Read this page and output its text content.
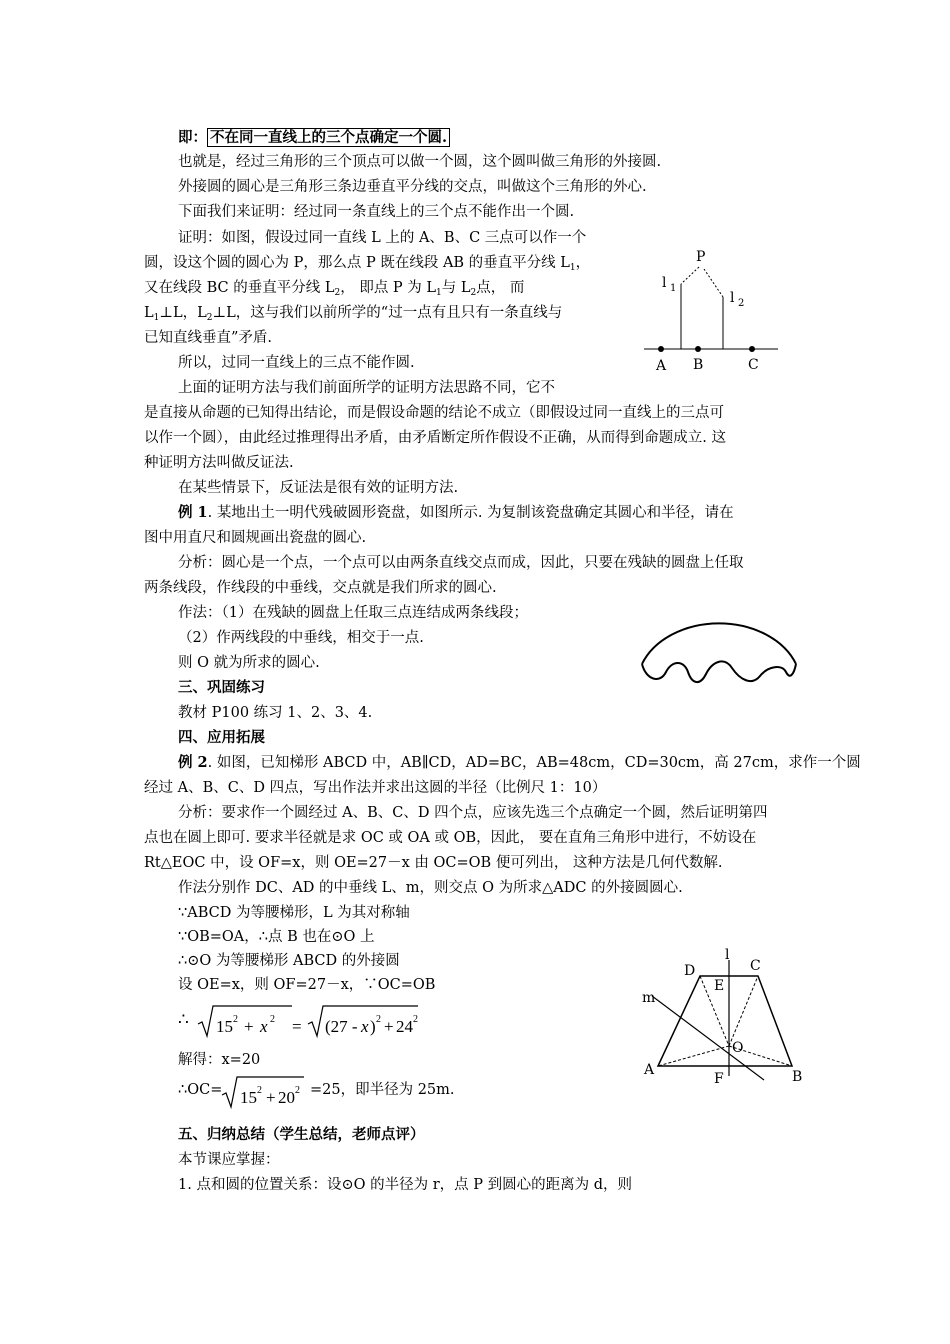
即： 不在同一直线上的三个点确定一个圆.
也就是，经过三角形的三个顶点可以做一个圆，这个圆叫做三角形的外接圆.
外接圆的圆心是三角形三条边垂直平分线的交点，叫做这个三角形的外心.
下面我们来证明：经过同一条直线上的三个点不能作出一个圆.
证明：如图，假设过同一直线 L 上的 A、B、C 三点可以作一个
圆，设这个圆的圆心为 P，那么点 P 既在线段 AB 的垂直平分线 $L_1$，
又在线段 BC 的垂直平分线 $L_2$， 即点 P 为 $L_1$与 $L_2$点， 而
$L_1\perp L$，$L_2\perp L$，这与我们以前所学的“过一点有且只有一条直线与
已知直线垂直”矛盾.
所以，过同一直线上的三点不能作圆.
P
l 1
l 2
A B	C
上面的证明方法与我们前面所学的证明方法思路不同，它不
是直接从命题的已知得出结论，而是假设命题的结论不成立（即假设过同一直线上的三点可
以作一个圆），由此经过推理得出矛盾，由矛盾断定所作假设不正确，从而得到命题成立. 这
种证明方法叫做反证法.
在某些情景下，反证法是很有效的证明方法.
例 1. 某地出土一明代残破圆形瓷盘，如图所示. 为复制该瓷盘确定其圆心和半径，请在
图中用直尺和圆规画出瓷盘的圆心.
分析：圆心是一个点，一个点可以由两条直线交点而成，因此，只要在残缺的圆盘上任取
两条线段，作线段的中垂线，交点就是我们所求的圆心.
作法：（1）在残缺的圆盘上任取三点连结成两条线段；
（2）作两线段的中垂线，相交于一点.
则 O 就为所求的圆心.
三、巩固练习
教材 P100 练习 1、2、3、4.
四、应用拓展
例 2. 如图，已知梯形 ABCD 中，AB∥CD，AD=BC，AB=48cm，CD=30cm，高 27cm，求作一个圆
经过 A、B、C、D 四点，写出作法并求出这圆的半径（比例尺 1：10）
分析：要求作一个圆经过 A、B、C、D 四个点，应该先选三个点确定一个圆，然后证明第四
点也在圆上即可. 要求半径就是求 OC 或 OA 或 OB，因此， 要在直角三角形中进行，不妨设在
Rt△EOC 中，设 OF=x，则 OE=27－x 由 OC=OB 便可列出， 这种方法是几何代数解.
作法分别作 DC、AD 的中垂线 L、m，则交点 O 为所求△ADC 的外接圆圆心.
∵ABCD 为等腰梯形，L 为其对称轴
∵OB=OA，∴点 B 也在⊙O 上
∴⊙O 为等腰梯形 ABCD 的外接圆
设 OE=x，则 OF=27－x，∵OC=OB
∴ 15 2 + x 2 = (27 - x ) 2 + 24 2
解得：x=20
∴OC= 15 2 + 20 2 =25，即半径为 25m.
l
C
D
E
m
O
A
F	B
五、归纳总结（学生总结，老师点评）
本节课应掌握：
1. 点和圆的位置关系：设⊙O 的半径为 r，点 P 到圆心的距离为 d，则
